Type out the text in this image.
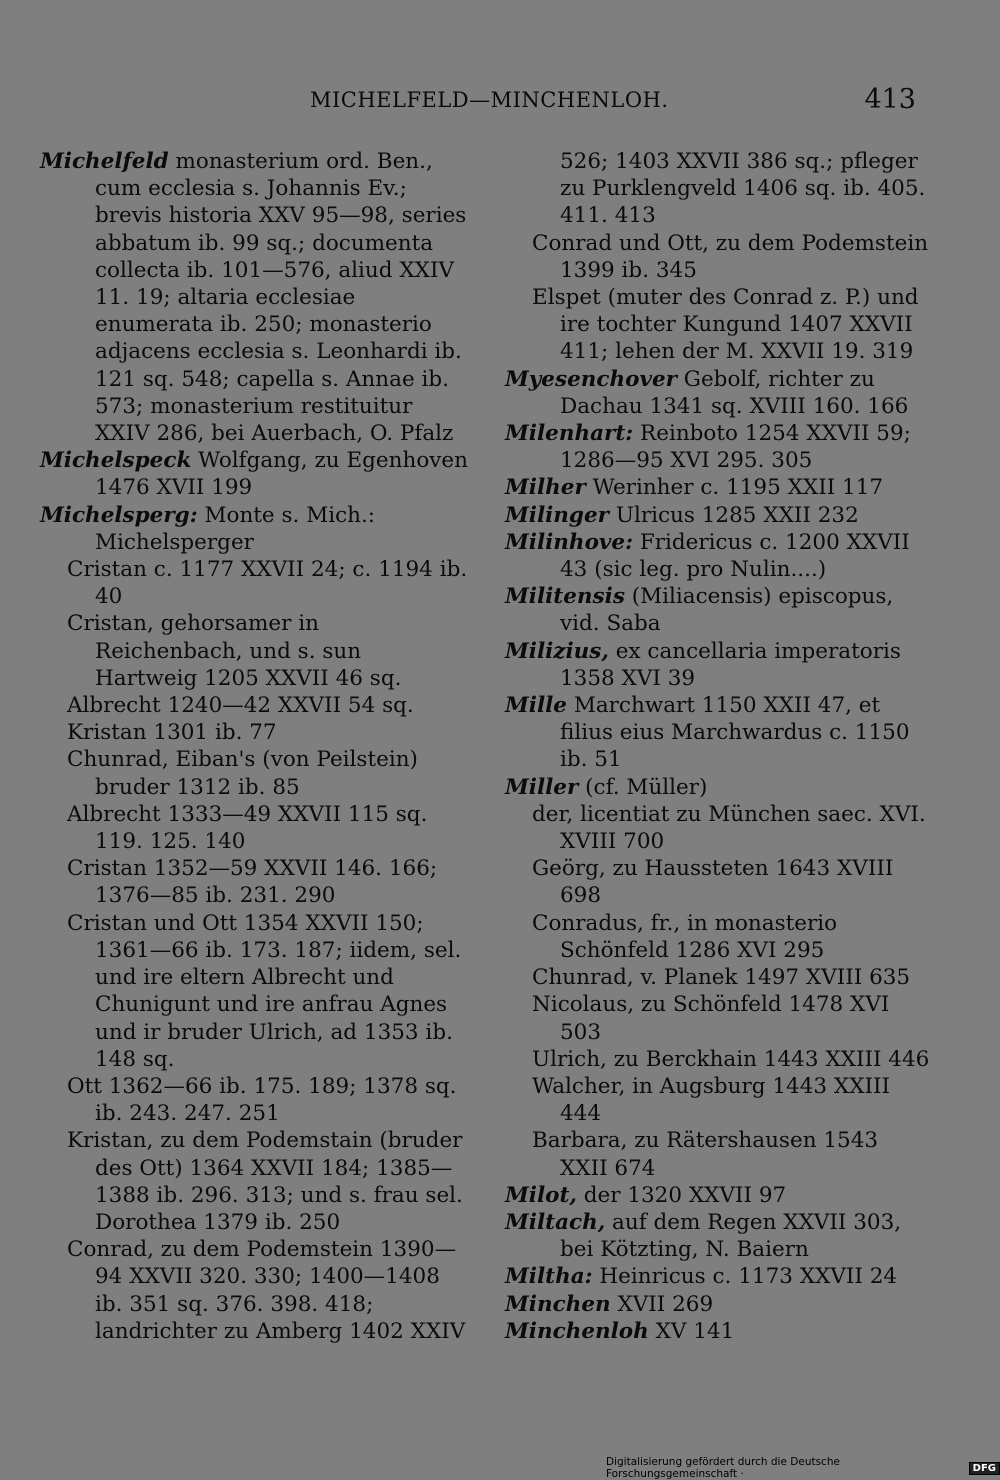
MICHELFELD—MINCHENLOH.	413
Michelfeld monasterium ord. Ben., cum ecclesia s. Johannis Ev.; brevis historia XXV 95—98, series abbatum ib. 99 sq.; documenta collecta ib. 101—576, aliud XXIV 11. 19; altaria ecclesiae enumerata ib. 250; monasterio adjacens ecclesia s. Leonhardi ib. 121 sq. 548; capella s. Annae ib. 573; monasterium restituitur XXIV 286, bei Auerbach, O. Pfalz
Michelspeck Wolfgang, zu Egenhoven 1476 XVII 199
Michelsperg: Monte s. Mich.: Michelsperger
Cristan c. 1177 XXVII 24; c. 1194 ib. 40
Cristan, gehorsamer in Reichenbach, und s. sun Hartweig 1205 XXVII 46 sq.
Albrecht 1240—42 XXVII 54 sq.
Kristan 1301 ib. 77
Chunrad, Eiban's (von Peilstein) bruder 1312 ib. 85
Albrecht 1333—49 XXVII 115 sq. 119. 125. 140
Cristan 1352—59 XXVII 146. 166; 1376—85 ib. 231. 290
Cristan und Ott 1354 XXVII 150; 1361—66 ib. 173. 187; iidem, sel. und ire eltern Albrecht und Chunigunt und ire anfrau Agnes und ir bruder Ulrich, ad 1353 ib. 148 sq.
Ott 1362—66 ib. 175. 189; 1378 sq. ib. 243. 247. 251
Kristan, zu dem Podemstain (bruder des Ott) 1364 XXVII 184; 1385—1388 ib. 296. 313; und s. frau sel. Dorothea 1379 ib. 250
Conrad, zu dem Podemstein 1390—94 XXVII 320. 330; 1400—1408 ib. 351 sq. 376. 398. 418; landrichter zu Amberg 1402 XXIV
526; 1403 XXVII 386 sq.; pfleger zu Purklengveld 1406 sq. ib. 405. 411. 413
Conrad und Ott, zu dem Podemstein 1399 ib. 345
Elspet (muter des Conrad z. P.) und ire tochter Kungund 1407 XXVII 411; lehen der M. XXVII 19. 319
Myesenchover Gebolf, richter zu Dachau 1341 sq. XVIII 160. 166
Milenhart: Reinboto 1254 XXVII 59; 1286—95 XVI 295. 305
Milher Werinher c. 1195 XXII 117
Milinger Ulricus 1285 XXII 232
Milinhove: Fridericus c. 1200 XXVII 43 (sic leg. pro Nulin....)
Militensis (Miliacensis) episcopus, vid. Saba
Milizius, ex cancellaria imperatoris 1358 XVI 39
Mille Marchwart 1150 XXII 47, et filius eius Marchwardus c. 1150 ib. 51
Miller (cf. Müller)
der, licentiat zu München saec. XVI. XVIII 700
Geörg, zu Haussteten 1643 XVIII 698
Conradus, fr., in monasterio Schönfeld 1286 XVI 295
Chunrad, v. Planek 1497 XVIII 635
Nicolaus, zu Schönfeld 1478 XVI 503
Ulrich, zu Berckhain 1443 XXIII 446
Walcher, in Augsburg 1443 XXIII 444
Barbara, zu Rätershausen 1543 XXII 674
Milot, der 1320 XXVII 97
Miltach, auf dem Regen XXVII 303, bei Kötzting, N. Baiern
Miltha: Heinricus c. 1173 XXVII 24
Minchen XVII 269
Minchenloh XV 141
Digitalisierung gefördert durch die Deutsche Forschungsgemeinschaft ·	DFG
